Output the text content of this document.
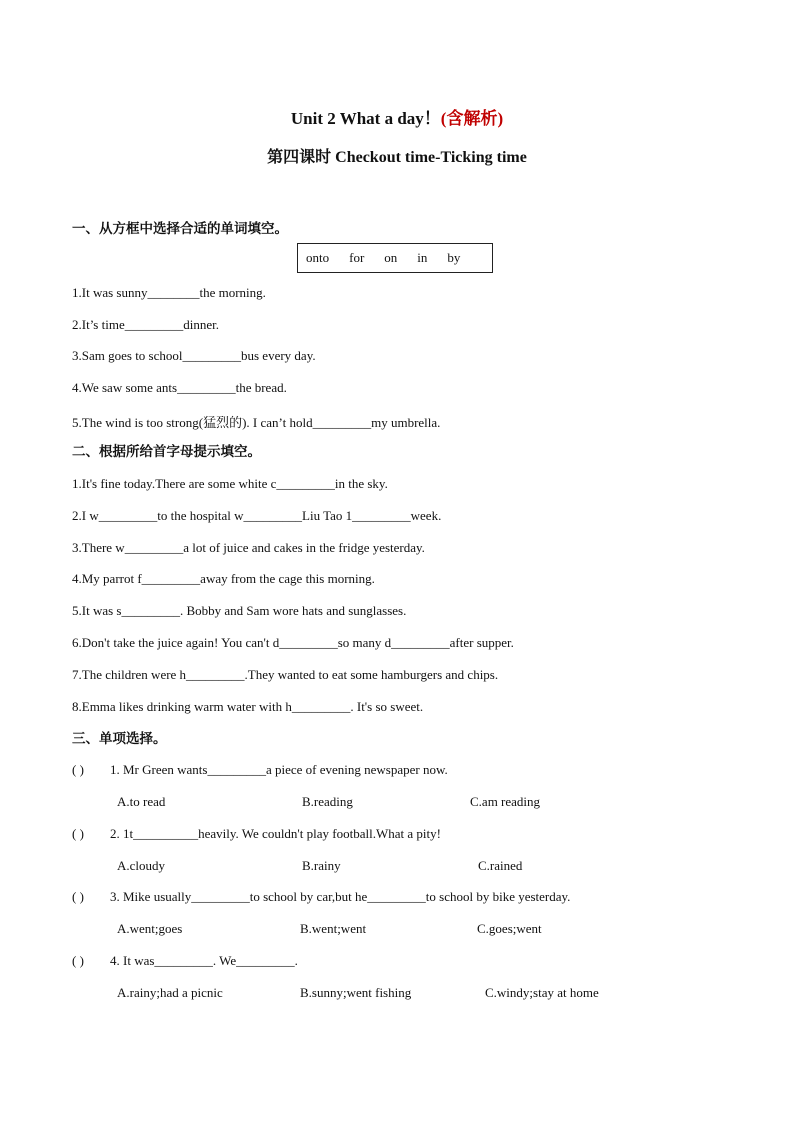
Unit 2 What a day！(含解析)
第四课时 Checkout time-Ticking time
一、从方框中选择合适的单词填空。
onto for on in by
1.It was sunny________the morning.
2.It’s time_________dinner.
3.Sam goes to school_________bus every day.
4.We saw some ants_________the bread.
5.The wind is too strong(猛烈的). I can’t hold_________my umbrella.
二、根据所给首字母提示填空。
1.It's fine today.There are some white c_________in the sky.
2.I w_________to the hospital w_________Liu Tao 1_________week.
3.There w_________a lot of juice and cakes in the fridge yesterday.
4.My parrot f_________away from the cage this morning.
5.It was s_________. Bobby and Sam wore hats and sunglasses.
6.Don't take the juice again! You can't d_________so many d_________after supper.
7.The children were h_________.They wanted to eat some hamburgers and chips.
8.Emma likes drinking warm water with h_________. It's so sweet.
三、单项选择。
( ) 1. Mr Green wants_________a piece of evening newspaper now.
A.to read	B.reading	C.am reading
( ) 2. 1t__________heavily. We couldn't play football.What a pity!
A.cloudy	B.rainy	C.rained
( ) 3. Mike usually_________to school by car,but he_________to school by bike yesterday.
A.went;goes	B.went;went	C.goes;went
( ) 4. It was_________. We_________.
A.rainy;had a picnic	B.sunny;went fishing	C.windy;stay at home
